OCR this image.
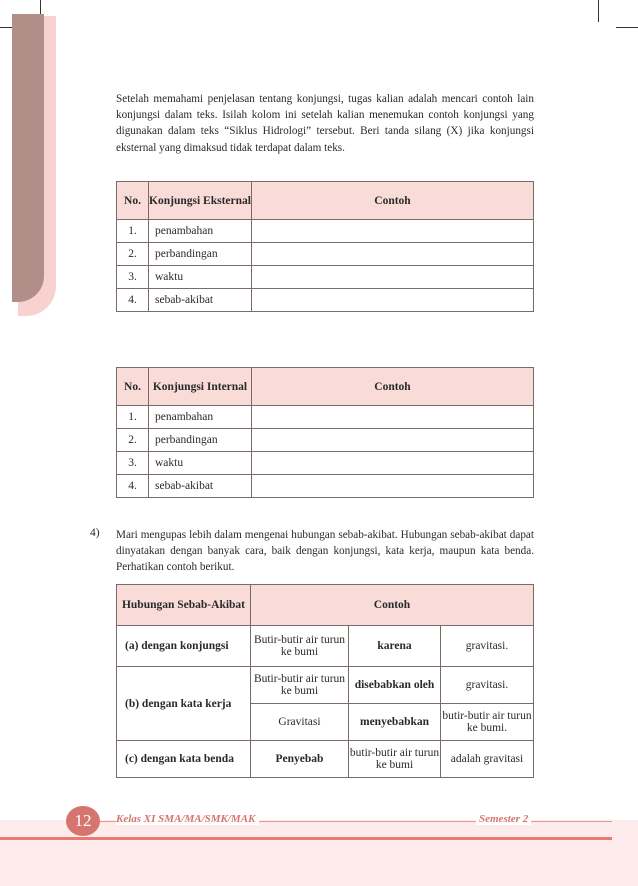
Setelah memahami penjelasan tentang konjungsi, tugas kalian adalah mencari contoh lain konjungsi dalam teks. Isilah kolom ini setelah kalian menemukan contoh konjungsi yang digunakan dalam teks “Siklus Hidrologi” tersebut. Beri tanda silang (X) jika konjungsi eksternal yang dimaksud tidak terdapat dalam teks.

No.	Konjungsi Eksternal	Contoh
1.	penambahan	
2.	perbandingan	
3.	waktu	
4.	sebab-akibat	
No.	Konjungsi Internal	Contoh
1.	penambahan	
2.	perbandingan	
3.	waktu	
4.	sebab-akibat	
4) Mari mengupas lebih dalam mengenai hubungan sebab-akibat. Hubungan sebab-akibat dapat dinyatakan dengan banyak cara, baik dengan konjungsi, kata kerja, maupun kata benda. Perhatikan contoh berikut.

Hubungan Sebab-Akibat	Contoh		
(a) dengan konjungsi	Butir-butir air turun ke bumi	karena	gravitasi.
(b) dengan kata kerja	Butir-butir air turun ke bumi	disebabkan oleh	gravitasi.
	Gravitasi	menyebabkan	butir-butir air turun ke bumi.
(c) dengan kata benda	Penyebab	butir-butir air turun ke bumi	adalah gravitasi
12	Kelas XI SMA/MA/SMK/MAK	Semester 2
